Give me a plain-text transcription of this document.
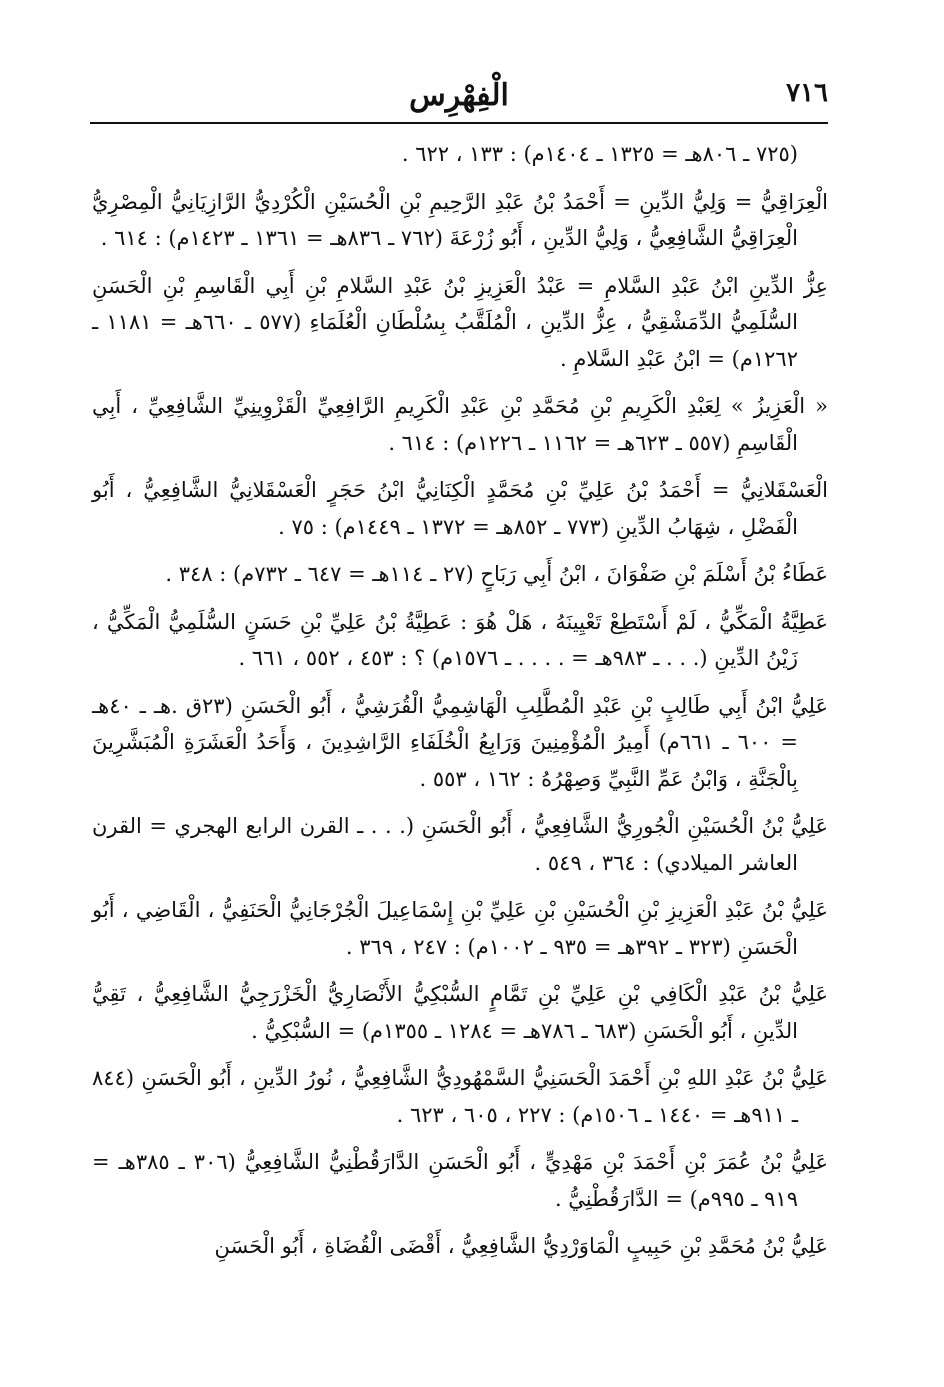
٧١٦
الْفِهْرِس

(٧٢٥ ـ ٨٠٦هـ = ١٣٢٥ ـ ١٤٠٤م) : ١٣٣ ، ٦٢٢ .

الْعِرَاقِيُّ = وَلِيُّ الدِّينِ = أَحْمَدُ بْنُ عَبْدِ الرَّحِيمِ بْنِ الْحُسَيْنِ الْكُرْدِيُّ الرَّازِيَانِيُّ الْمِصْرِيُّ الْعِرَاقِيُّ الشَّافِعِيُّ ، وَلِيُّ الدِّينِ ، أَبُو زُرْعَةَ (٧٦٢ ـ ٨٣٦هـ = ١٣٦١ ـ ١٤٢٣م) : ٦١٤ .

عِزُّ الدِّينِ ابْنُ عَبْدِ السَّلامِ = عَبْدُ الْعَزِيزِ بْنُ عَبْدِ السَّلامِ بْنِ أَبِي الْقَاسِمِ بْنِ الْحَسَنِ السُّلَمِيُّ الدِّمَشْقِيُّ ، عِزُّ الدِّينِ ، الْمُلَقَّبُ بِسُلْطَانِ الْعُلَمَاءِ (٥٧٧ ـ ٦٦٠هـ = ١١٨١ ـ ١٢٦٢م) = ابْنُ عَبْدِ السَّلامِ .

« الْعَزِيزُ » لِعَبْدِ الْكَرِيمِ بْنِ مُحَمَّدِ بْنِ عَبْدِ الْكَرِيمِ الرَّافِعِيِّ الْقَزْوِينِيِّ الشَّافِعِيِّ ، أَبِي الْقَاسِمِ (٥٥٧ ـ ٦٢٣هـ = ١١٦٢ ـ ١٢٢٦م) : ٦١٤ .

الْعَسْقَلانِيُّ = أَحْمَدُ بْنُ عَلِيِّ بْنِ مُحَمَّدٍ الْكِنَانِيُّ ابْنُ حَجَرٍ الْعَسْقَلانِيُّ الشَّافِعِيُّ ، أَبُو الْفَضْلِ ، شِهَابُ الدِّينِ (٧٧٣ ـ ٨٥٢هـ = ١٣٧٢ ـ ١٤٤٩م) : ٧٥ .

عَطَاءُ بْنُ أَسْلَمَ بْنِ صَفْوَانَ ، ابْنُ أَبِي رَبَاحٍ (٢٧ ـ ١١٤هـ = ٦٤٧ ـ ٧٣٢م) : ٣٤٨ .

عَطِيَّةُ الْمَكِّيُّ ، لَمْ أَسْتَطِعْ تَعْيِينَهُ ، هَلْ هُوَ : عَطِيَّةُ بْنُ عَلِيِّ بْنِ حَسَنٍ السُّلَمِيُّ الْمَكِّيُّ ، زَيْنُ الدِّينِ (. . . ـ ٩٨٣هـ = . . . . ـ ١٥٧٦م) ؟ : ٤٥٣ ، ٥٥٢ ، ٦٦١ .

عَلِيُّ ابْنُ أَبِي طَالِبٍ بْنِ عَبْدِ الْمُطَّلِبِ الْهَاشِمِيُّ الْقُرَشِيُّ ، أَبُو الْحَسَنِ (٢٣ق .هـ ـ ٤٠هـ = ٦٠٠ ـ ٦٦١م) أَمِيرُ الْمُؤْمِنِينَ وَرَابِعُ الْخُلَفَاءِ الرَّاشِدِينَ ، وَأَحَدُ الْعَشَرَةِ الْمُبَشَّرِينَ بِالْجَنَّةِ ، وَابْنُ عَمِّ النَّبِيِّ وَصِهْرُهُ : ١٦٢ ، ٥٥٣ .

عَلِيُّ بْنُ الْحُسَيْنِ الْجُورِيُّ الشَّافِعِيُّ ، أَبُو الْحَسَنِ (. . . ـ القرن الرابع الهجري = القرن العاشر الميلادي) : ٣٦٤ ، ٥٤٩ .

عَلِيُّ بْنُ عَبْدِ الْعَزِيزِ بْنِ الْحُسَيْنِ بْنِ عَلِيِّ بْنِ إِسْمَاعِيلَ الْجُرْجَانِيُّ الْحَنَفِيُّ ، الْقَاضِي ، أَبُو الْحَسَنِ (٣٢٣ ـ ٣٩٢هـ = ٩٣٥ ـ ١٠٠٢م) : ٢٤٧ ، ٣٦٩ .

عَلِيُّ بْنُ عَبْدِ الْكَافِي بْنِ عَلِيِّ بْنِ تَمَّامٍ السُّبْكِيُّ الأَنْصَارِيُّ الْخَزْرَجِيُّ الشَّافِعِيُّ ، تَقِيُّ الدِّينِ ، أَبُو الْحَسَنِ (٦٨٣ ـ ٧٨٦هـ = ١٢٨٤ ـ ١٣٥٥م) = السُّبْكِيُّ .

عَلِيُّ بْنُ عَبْدِ اللهِ بْنِ أَحْمَدَ الْحَسَنِيُّ السَّمْهُودِيُّ الشَّافِعِيُّ ، نُورُ الدِّينِ ، أَبُو الْحَسَنِ (٨٤٤ ـ ٩١١هـ = ١٤٤٠ ـ ١٥٠٦م) : ٢٢٧ ، ٦٠٥ ، ٦٢٣ .

عَلِيُّ بْنُ عُمَرَ بْنِ أَحْمَدَ بْنِ مَهْدِيٍّ ، أَبُو الْحَسَنِ الدَّارَقُطْنِيُّ الشَّافِعِيُّ (٣٠٦ ـ ٣٨٥هـ = ٩١٩ ـ ٩٩٥م) = الدَّارَقُطْنِيُّ .

عَلِيُّ بْنُ مُحَمَّدِ بْنِ حَبِيبٍ الْمَاوَرْدِيُّ الشَّافِعِيُّ ، أَقْضَى الْقُضَاةِ ، أَبُو الْحَسَنِ
